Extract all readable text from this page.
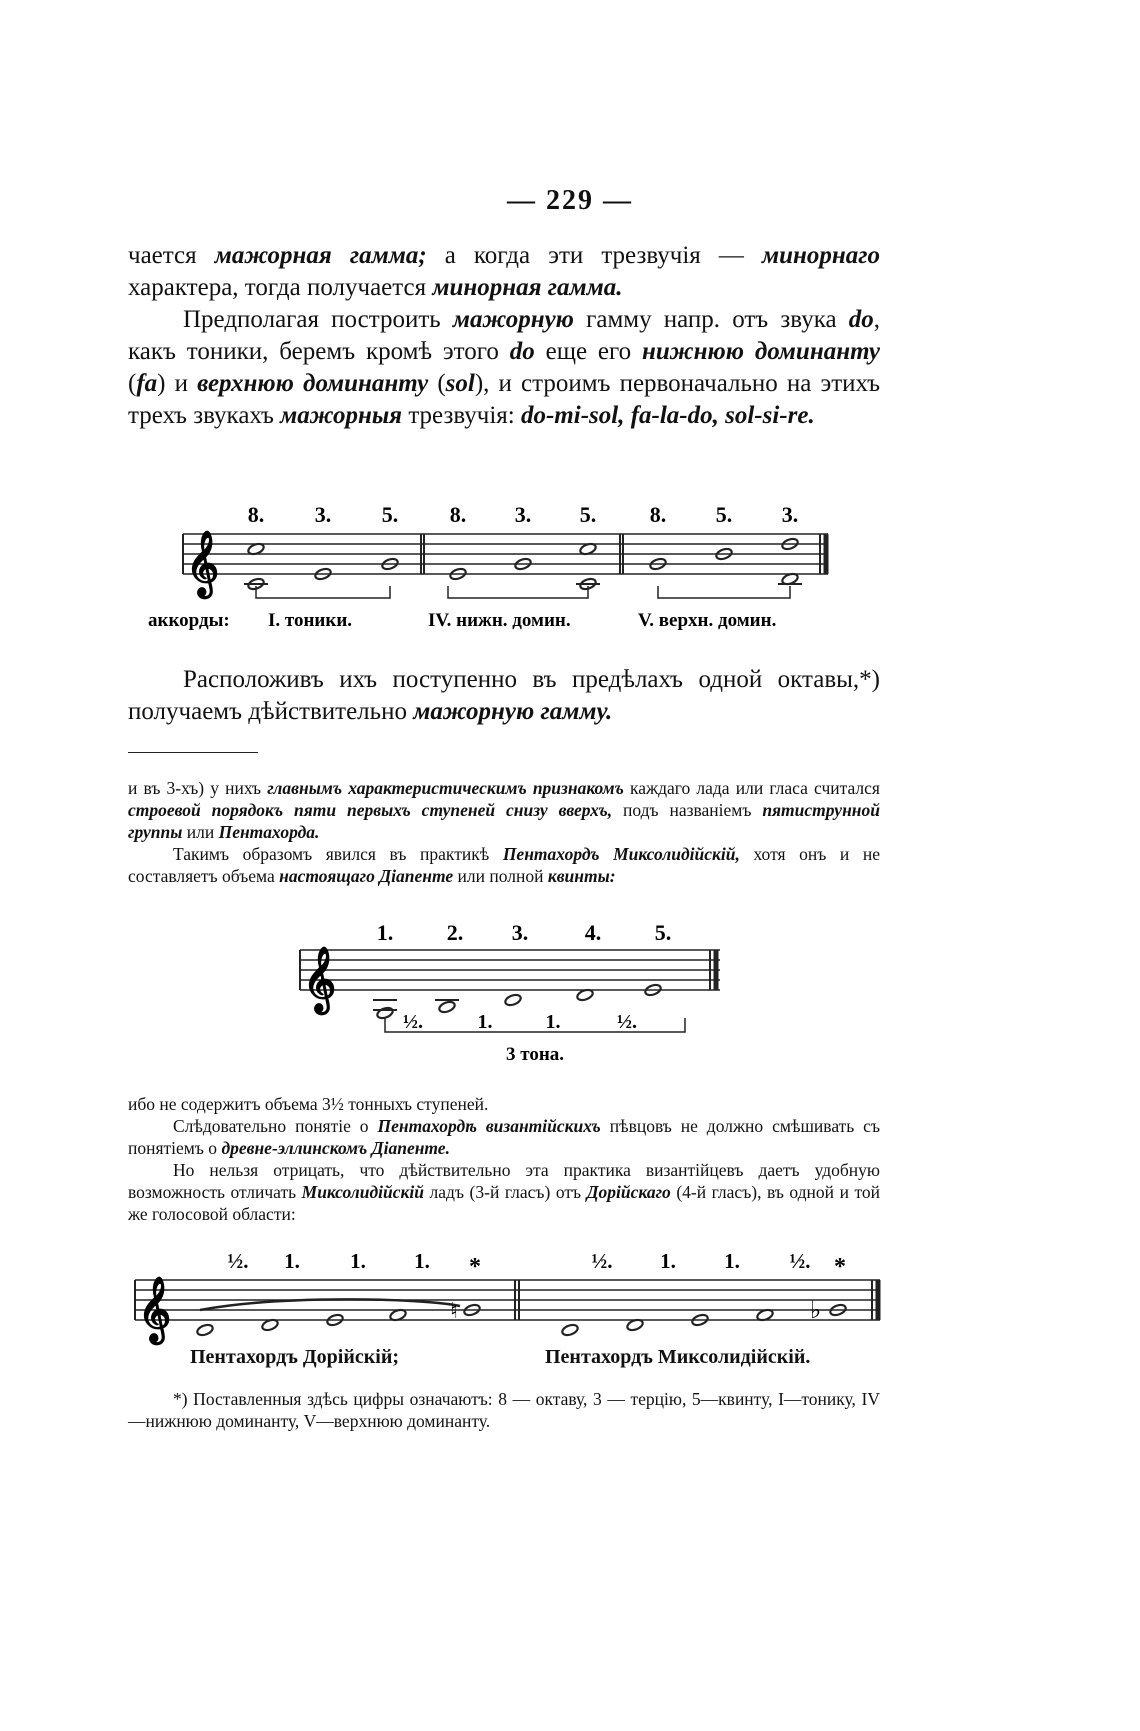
— 229 —

чается мажорная гамма; а когда эти трезвучія — минорнаго характера, тогда получается минорная гамма.

Предполагая построить мажорную гамму напр. отъ звука do, какъ тоники, беремъ кромѣ этого do еще его нижнюю доминанту (fa) и верхнюю доминанту (sol), и строимъ первоначально на этихъ трехъ звукахъ мажорныя трезвучія: do-mi-sol, fa-la-do, sol-si-re.

𝄞
8. 3. 5. 8. 3. 5. 8. 5. 3.
аккорды: I. тоники.	IV. нижн. домин.	V. верхн. домин.

Расположивъ ихъ поступенно въ предѣлахъ одной октавы,*) получаемъ дѣйствительно мажорную гамму.

и въ 3-хъ) у нихъ главнымъ характеристическимъ признакомъ каждаго лада или гласа считался строевой порядокъ пяти первыхъ ступеней снизу вверхъ, подъ названіемъ пятиструнной группы или Пентахорда.

Такимъ образомъ явился въ практикѣ Пентахордъ Миксолидійскій, хотя онъ и не составляетъ объема настоящаго Діапенте или полной квинты:

𝄞
1. 2. 3.	4. 5.
½.	1.	1.	½.
3 тона.

ибо не содержитъ объема 3½ тонныхъ ступеней.

Слѣдовательно понятіе о Пентахордѣ византійскихъ пѣвцовъ не должно смѣшивать съ понятіемъ о древне-эллинскомъ Діапенте.

Но нельзя отрицать, что дѣйствительно эта практика византійцевъ даетъ удобную возможность отличать Миксолидійскій ладъ (3-й гласъ) отъ Дорійскаго (4-й гласъ), въ одной и той же голосовой области:

𝄞	♮	♭
½. 1. 1. 1. *	½. 1. 1. ½. *
Пентахордъ Дорійскій;	Пентахордъ Миксолидійскій.

*) Поставленныя здѣсь цифры означаютъ: 8 — октаву, 3 — терцію, 5—квинту, I—тонику, IV—нижнюю доминанту, V—верхнюю доминанту.
